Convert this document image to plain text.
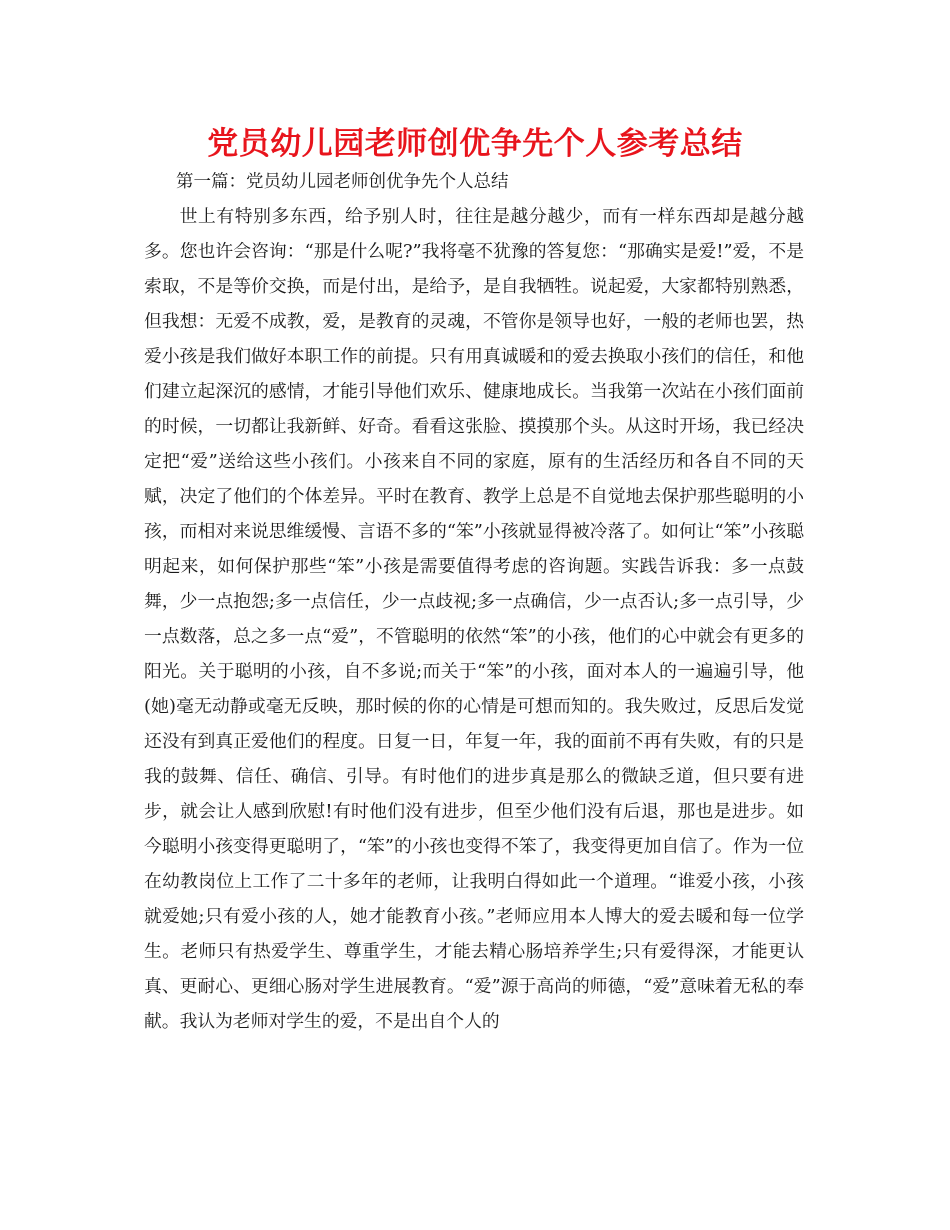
党员幼儿园老师创优争先个人参考总结
第一篇：党员幼儿园老师创优争先个人总结

世上有特别多东西，给予别人时，往往是越分越少，而有一样东西却是越分越多。您也许会咨询：“那是什么呢?”我将毫不犹豫的答复您：“那确实是爱!”爱，不是索取，不是等价交换，而是付出，是给予，是自我牺牲。说起爱，大家都特别熟悉，但我想：无爱不成教，爱，是教育的灵魂，不管你是领导也好，一般的老师也罢，热爱小孩是我们做好本职工作的前提。只有用真诚暖和的爱去换取小孩们的信任，和他们建立起深沉的感情，才能引导他们欢乐、健康地成长。当我第一次站在小孩们面前的时候，一切都让我新鲜、好奇。看看这张脸、摸摸那个头。从这时开场，我已经决定把“爱”送给这些小孩们。小孩来自不同的家庭，原有的生活经历和各自不同的天赋，决定了他们的个体差异。平时在教育、教学上总是不自觉地去保护那些聪明的小孩，而相对来说思维缓慢、言语不多的“笨”小孩就显得被冷落了。如何让“笨”小孩聪明起来，如何保护那些“笨”小孩是需要值得考虑的咨询题。实践告诉我：多一点鼓舞，少一点抱怨;多一点信任，少一点歧视;多一点确信，少一点否认;多一点引导，少一点数落，总之多一点“爱”，不管聪明的依然“笨”的小孩，他们的心中就会有更多的阳光。关于聪明的小孩，自不多说;而关于“笨”的小孩，面对本人的一遍遍引导，他(她)毫无动静或毫无反映，那时候的你的心情是可想而知的。我失败过，反思后发觉还没有到真正爱他们的程度。日复一日，年复一年，我的面前不再有失败，有的只是我的鼓舞、信任、确信、引导。有时他们的进步真是那么的微缺乏道，但只要有进步，就会让人感到欣慰!有时他们没有进步，但至少他们没有后退，那也是进步。如今聪明小孩变得更聪明了，“笨”的小孩也变得不笨了，我变得更加自信了。作为一位在幼教岗位上工作了二十多年的老师，让我明白得如此一个道理。“谁爱小孩，小孩就爱她;只有爱小孩的人，她才能教育小孩。”老师应用本人博大的爱去暖和每一位学生。老师只有热爱学生、尊重学生，才能去精心肠培养学生;只有爱得深，才能更认真、更耐心、更细心肠对学生进展教育。“爱”源于高尚的师德，“爱”意味着无私的奉献。我认为老师对学生的爱，不是出自个人的
